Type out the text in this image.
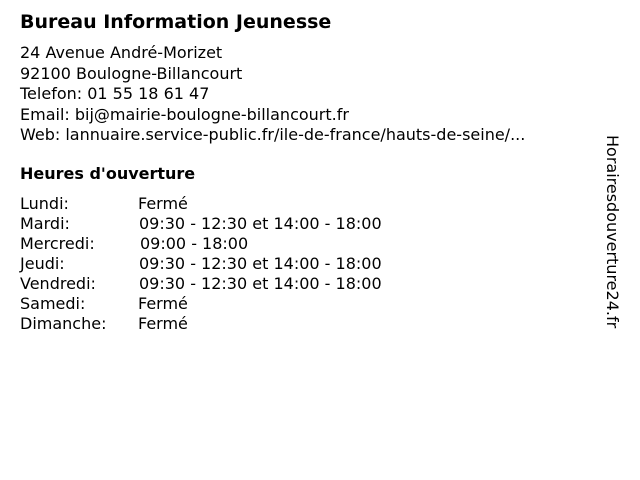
Bureau Information Jeunesse
24 Avenue André-Morizet
92100 Boulogne-Billancourt
Telefon: 01 55 18 61 47
Email: bij@mairie-boulogne-billancourt.fr
Web: lannuaire.service-public.fr/ile-de-france/hauts-de-seine/...
Heures d'ouverture
Lundi:	Fermé
Mardi:	09:30 - 12:30 et 14:00 - 18:00
Mercredi:	09:00 - 18:00
Jeudi:	09:30 - 12:30 et 14:00 - 18:00
Vendredi:	09:30 - 12:30 et 14:00 - 18:00
Samedi:	Fermé
Dimanche: Fermé	Horairesdouverture24.fr
